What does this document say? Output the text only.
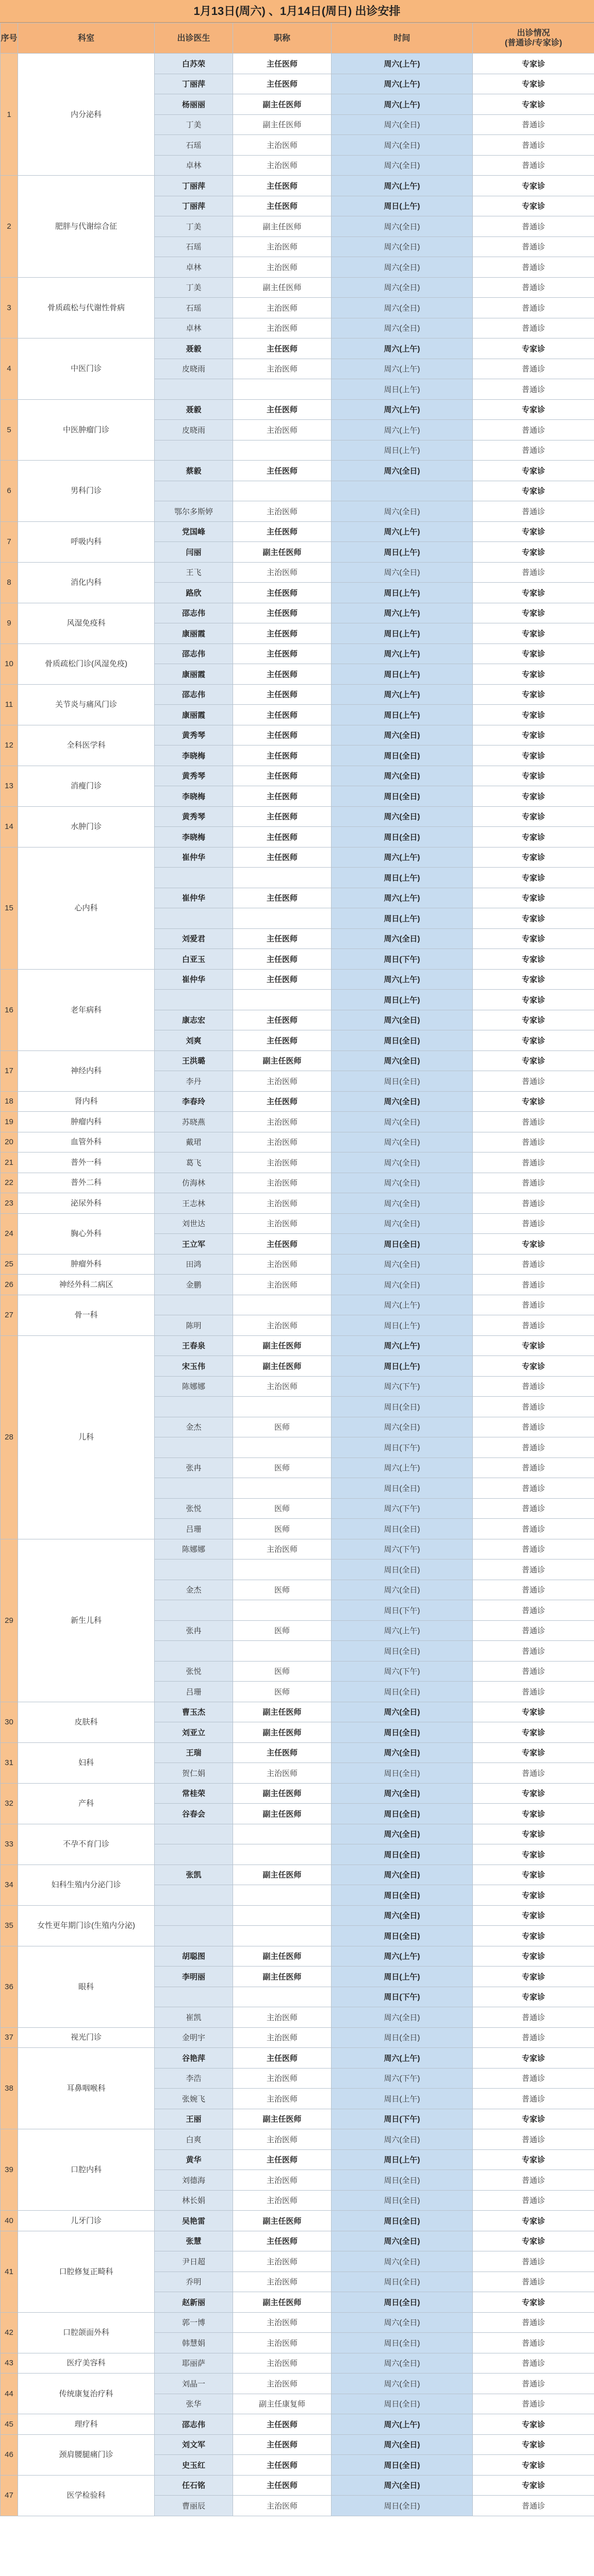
1月13日(周六) 、1月14日(周日) 出诊安排
序号	科室	出诊医生	职称	时间	出诊情况
(普通诊/专家诊)
1	内分泌科	白苏荣	主任医师	周六(上午)	专家诊
		丁丽萍	主任医师	周六(上午)	专家诊
		杨丽丽	副主任医师	周六(上午)	专家诊
		丁美	副主任医师	周六(全日)	普通诊
		石瑶	主治医师	周六(全日)	普通诊
		卓林	主治医师	周六(全日)	普通诊
2	肥胖与代谢综合征	丁丽萍	主任医师	周六(上午)	专家诊
		丁丽萍	主任医师	周日(上午)	专家诊
		丁美	副主任医师	周六(全日)	普通诊
		石瑶	主治医师	周六(全日)	普通诊
		卓林	主治医师	周六(全日)	普通诊
3	骨质疏松与代谢性骨病	丁美	副主任医师	周六(全日)	普通诊
		石瑶	主治医师	周六(全日)	普通诊
		卓林	主治医师	周六(全日)	普通诊
4	中医门诊	聂毅	主任医师	周六(上午)	专家诊
		皮晓雨	主治医师	周六(上午)	普通诊
				周日(上午)	普通诊
5	中医肿瘤门诊	聂毅	主任医师	周六(上午)	专家诊
		皮晓雨	主治医师	周六(上午)	普通诊
				周日(上午)	普通诊
6	男科门诊	蔡毅	主任医师	周六(全日)	专家诊
					专家诊
		鄂尔多斯婷	主治医师	周六(全日)	普通诊
7	呼吸内科	党国峰	主任医师	周六(上午)	专家诊
		闫丽	副主任医师	周日(上午)	专家诊
8	消化内科	王飞	主治医师	周六(全日)	普通诊
		路欣	主任医师	周日(上午)	专家诊
9	风湿免疫科	邵志伟	主任医师	周六(上午)	专家诊
		康丽霞	主任医师	周日(上午)	专家诊
10	骨质疏松门诊(风湿免疫)	邵志伟	主任医师	周六(上午)	专家诊
		康丽霞	主任医师	周日(上午)	专家诊
11	关节炎与痛风门诊	邵志伟	主任医师	周六(上午)	专家诊
		康丽霞	主任医师	周日(上午)	专家诊
12	全科医学科	黄秀琴	主任医师	周六(全日)	专家诊
		李晓梅	主任医师	周日(全日)	专家诊
13	消瘦门诊	黄秀琴	主任医师	周六(全日)	专家诊
		李晓梅	主任医师	周日(全日)	专家诊
14	水肿门诊	黄秀琴	主任医师	周六(全日)	专家诊
		李晓梅	主任医师	周日(全日)	专家诊
15	心内科	崔仲华	主任医师	周六(上午)	专家诊
				周日(上午)	专家诊
		崔仲华	主任医师	周六(上午)	专家诊
				周日(上午)	专家诊
		刘爱君	主任医师	周六(全日)	专家诊
		白亚玉	主任医师	周日(下午)	专家诊
16	老年病科	崔仲华	主任医师	周六(上午)	专家诊
				周日(上午)	专家诊
		康志宏	主任医师	周六(全日)	专家诊
		刘爽	主任医师	周日(全日)	专家诊
17	神经内科	王洪璐	副主任医师	周六(全日)	专家诊
		李丹	主治医师	周日(全日)	普通诊
18	肾内科	李春玲	主任医师	周六(全日)	专家诊
19	肿瘤内科	苏晓燕	主治医师	周六(全日)	普通诊
20	血管外科	戴珺	主治医师	周六(全日)	普通诊
21	普外一科	葛飞	主治医师	周六(全日)	普通诊
22	普外二科	仿海林	主治医师	周六(全日)	普通诊
23	泌尿外科	王志林	主治医师	周六(全日)	普通诊
24	胸心外科	刘世达	主治医师	周六(全日)	普通诊
		王立军	主任医师	周日(全日)	专家诊
25	肿瘤外科	田鸿	主治医师	周六(全日)	普通诊
26	神经外科二病区	金鹏	主治医师	周六(全日)	普通诊
27	骨一科			周六(上午)	普通诊
		陈明	主治医师	周日(上午)	普通诊
28	儿科	王春泉	副主任医师	周六(上午)	专家诊
		宋玉伟	副主任医师	周日(上午)	专家诊
		陈娜娜	主治医师	周六(下午)	普通诊
				周日(全日)	普通诊
		金杰	医师	周六(全日)	普通诊
				周日(下午)	普通诊
		张冉	医师	周六(上午)	普通诊
				周日(全日)	普通诊
		张悦	医师	周六(下午)	普通诊
		吕珊	医师	周日(全日)	普通诊
29	新生儿科	陈娜娜	主治医师	周六(下午)	普通诊
				周日(全日)	普通诊
		金杰	医师	周六(全日)	普通诊
				周日(下午)	普通诊
		张冉	医师	周六(上午)	普通诊
				周日(全日)	普通诊
		张悦	医师	周六(下午)	普通诊
		吕珊	医师	周日(全日)	普通诊
30	皮肤科	曹玉杰	副主任医师	周六(全日)	专家诊
		刘亚立	副主任医师	周日(全日)	专家诊
31	妇科	王瑞	主任医师	周六(全日)	专家诊
		贺仁娟	主治医师	周日(全日)	普通诊
32	产科	常桂荣	副主任医师	周六(全日)	专家诊
		谷春会	副主任医师	周日(全日)	专家诊
33	不孕不育门诊			周六(全日)	专家诊
				周日(全日)	专家诊
34	妇科生殖内分泌门诊	张凯	副主任医师	周六(全日)	专家诊
				周日(全日)	专家诊
35	女性更年期门诊(生殖内分泌)			周六(全日)	专家诊
				周日(全日)	专家诊
36	眼科	胡聪图	副主任医师	周六(上午)	专家诊
		李明丽	副主任医师	周日(上午)	专家诊
				周日(下午)	专家诊
		崔凯	主治医师	周六(全日)	普通诊
37	视光门诊	金明宇	主治医师	周日(全日)	普通诊
38	耳鼻咽喉科	谷艳萍	主任医师	周六(上午)	专家诊
		李浩	主治医师	周六(下午)	普通诊
		张婉飞	主治医师	周日(上午)	普通诊
		王丽	副主任医师	周日(下午)	专家诊
39	口腔内科	白爽	主治医师	周六(全日)	普通诊
		黄华	主任医师	周日(上午)	专家诊
		刘德海	主治医师	周日(全日)	普通诊
		林长娟	主治医师	周日(全日)	普通诊
40	儿牙门诊	吴艳雷	副主任医师	周日(全日)	专家诊
41	口腔修复正畸科	张慧	主任医师	周六(全日)	专家诊
		尹日超	主治医师	周六(全日)	普通诊
		乔明	主治医师	周日(全日)	普通诊
		赵新丽	副主任医师	周日(全日)	专家诊
42	口腔颌面外科	郭一博	主治医师	周六(全日)	普通诊
		韩慧娟	主治医师	周日(全日)	普通诊
43	医疗美容科	耶丽萨	主治医师	周六(全日)	普通诊
44	传统康复治疗科	刘晶一	主治医师	周六(全日)	普通诊
		张华	副主任康复师	周日(全日)	普通诊
45	理疗科	邵志伟	主任医师	周六(上午)	专家诊
46	颈肩腰腿痛门诊	刘文军	主任医师	周六(全日)	专家诊
		史玉红	主任医师	周日(全日)	专家诊
47	医学检验科	任石铭	主任医师	周六(全日)	专家诊
		曹丽辰	主治医师	周日(全日)	普通诊
